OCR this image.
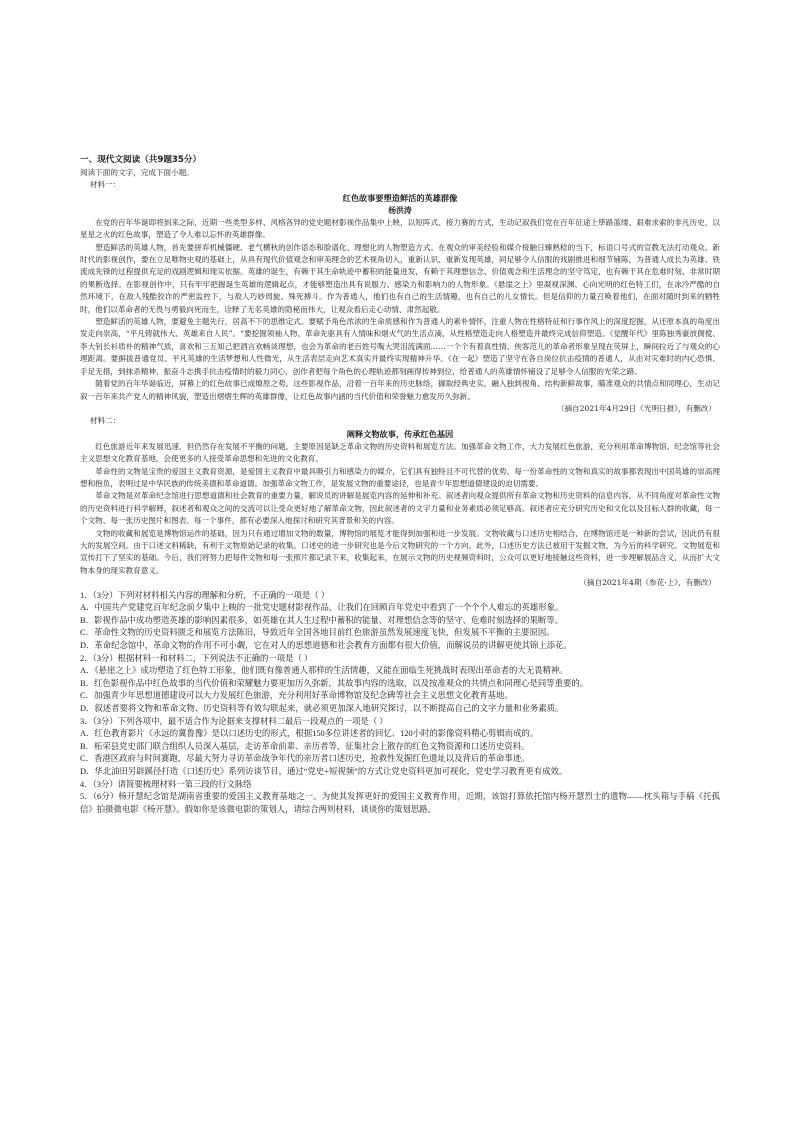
一、现代文阅读（共9题35分）
阅读下面的文字，完成下面小题。
材料一：
红色故事要塑造鲜活的英雄群像
杨洪涛

在党的百年华诞即将到来之际，近期一些类型多样、风格各异的党史题材影视作品集中上映，以短阵式、接力赛的方式，生动记叙我们党在百年征途上筚路蓝缕、艰难求索的非凡历史，以星星之火的红色故事，塑造了令人难以忘怀的英雄群像。

塑造鲜活的英雄人物，首先要拼弃机械僵硬、老气横秋的创作语态和脸谱化、理想化的人物塑造方式。在观众的审美经验和媒介接触日臻熟稔的当下，标语口号式的宣教无法打动观众。新时代的影视创作，要在立足唯物史观的基础上，从具有现代价值观念和审美理念的艺术视角切入，重新认识、重新发现英雄，同足够令人信服的戏剧推进和细节铺陈，为普通人成长为英雄、铁流成先锋的过程提供充足的戏剧逻辑和现实依据。英雄的诞生，有赖于其生命轨迹中蓄积的能量迸发，有赖于其理想信念、价值观念和生活理念的坚守笃定，也有赖于其在危难时刻、非常时期的果断选择。在影视创作中，只有牢牢把握诞生英雄的逻辑起点，才能够塑造出具有说服力、感染力和影响力的人物形象。《悬崖之上》里凝视深渊、心向光明的红色特工们，在冰冷严酷的自然环境下，在敌人残酷狡诈的严密监控下，与敌人巧妙周旋、殊死搏斗。作为普通人，他们也有自己的生活情趣，也有自己的儿女情长。但是信仰的力量召唤着他们，在面对随时到来的牺牲时，他们以革命者的无畏与勇毅向死而生，诠释了无名英雄的隐秘而伟大，让观众看后走心动情、肃然起敬。

塑造鲜活的英雄人物，要避免主题先行，居高不下的思维定式。要赋予角色浓浓的生命质感和作为普通人的素朴情怀，注重人物在性格特征和行事作风上的深度挖掘，从还原本真的角度出发走向崇高，“平凡铸就伟大、英雄来自人民”。“要挖掘领袖人物、革命先驱具有人情味和烟火气的生活点滴，从性格塑造走向人格塑造并最终完成信仰塑造。《觉醒年代》里陈独秀豪放倜傥、李大钊长衫质朴的精神气质，喜欢和三五知己把酒言欢畅谈理想，也会为革命的老百姓号啕大哭泪流满面……一个个有着真性情、侠客范儿的革命者形象呈现在荧屏上，瞬间拉近了与观众的心理距离。要摒拔普通党员、平凡英雄的生活梦想和人性微光，从生活表层走向艺术真实并最终实现精神升华。《在一起》塑造了坚守在各自岗位抗击疫情的普通人，从由对灾难时的内心恐惧、手足无措，到抹杀精神、振奋斗志携手抗击疫情时的毅力同心，创作者把每个角色的心理轨迹都刻画得传神到位，给普通人的英雄情怀铺设了足够令人信服的光荣之路。

随着党的百年华诞临近，屏幕上的红色故事已成燎原之势。这些影视作品，沿着一百年来的历史脉络，撷取经典史实，融入独到视角、结构新鲜故事，瞄准观众的共情点和同理心，生动记叙一百年来共产党人的精神风貌，塑造出熠熠生辉的英雄群像，让红色故事内涵的当代价值和荣誉魅力愈发历久弥新。

（摘自2021年4月29日《光明日报》，有删改）
材料二：
阐释文物故事，传承红色基因

红色旅游近年来发展迅速，但仍然存在发展不平衡的问题，主要原因是缺乏革命文物的历史资料和展览方法。加强革命文物工作，大力发展红色旅游，充分利用革命博物馆、纪念馆等社会主义思想文化教育基地，会使更多的人接受革命思想和先进的文化教育。

革命性的文物是宝贵的爱国主义教育资源，是爱国主义教育中最具吸引力和感染力的媒介，它们具有独特且不可代替的优势。每一份革命性的文物和真实的故事都表现出中国英雄的崇高理想和抱负，表明过是中华民族的传统美德和革命道德。加强革命文物工作，是发展文物的重要途径，也是青少年思想道德建设的迫切需要。

革命文物是对革命纪念馆进行思想道德和社会教育的重要力量，解说员的讲解是展览内容的延伸和补充。叙述者向观众提供所有革命文物和历史资料的信息内容。从不同角度对革命性文物的历史资料进行科学解释，叙述者和观众之间的交流可以让受众更好地了解革命文物，因此叙述者的文字力量和业务素质必须足够高。叙述者应充分研究历史和文化以及目标人群的收藏，每一个文物、每一张历史图片和图表、每一个事件，都有必要深入地探讨和研究其背景和关的内容。

文物的收藏和展览是博物馆运作的基础，因为只有通过增加文物的数量，博物馆的展览才能得到加强和进一步发展。文物收藏与口述历史相结合，在博物馆还是一种新的尝试，因此仍有很大的发展空间。由于口述文料稀缺，有利于文物原始记录的收集。口述史的进一步研究也是今后文物研究的一个方向。此外，口述历史方法已被用于发掘文物，为今后的科学研究、文物展览和宣传打下了坚实的基础。今后，我们将努力把每件文物和每一张照片都记录下来，收集起来，在展示文物的历史视频资料时，公众可以更好地接触这些资料，进一步理解展品含义，从而扩大文物本身的现实教育意义。

（摘自2021年4期《参花·上》，有删改）

1．（3分）下列对材料相关内容的理解和分析，不正确的一项是（ ）

A．中国共产党建党百年纪念前夕集中上映的一批党史题材影视作品，让我们在回顾百年党史中看到了一个个个人难忘的英雄形象。

B．影视作品中成功塑造英雄的影响因素很多，如英雄在其人生过程中蓄积的能量、对理想信念等的坚守、危难时刻选择的果断等。

C．革命性文物的历史资料匮乏和展览方法陈旧，导致近年全国各地目前红色旅游虽然发展速度飞快，但发展不平衡的主要原因。

D．革命纪念馆中，革命文物的作用不可小觑，它在对人的思想道德和社会教育方面都有很大价值，而解说员的讲解更使其锦上添花。

2．（3分）根据材料一和材料二，下列说法不正确的一项是（ ）

A．《悬崖之上》成功塑造了红色特工形象，他们既有像普通人那样的生活情趣，又能在面临生死挑战时表现出革命者的大无畏精神。

B．红色影视作品中红色故事的当代价值和荣耀魅力要更加历久弥新，其故事内容的选取，以及按准观众的共情点和同理心是同等重要的。

C．加强青少年思想道德建设可以大力发展红色旅游，充分利用好革命博物馆及纪念碑等社会主义思想文化教育基地。

D．叙述者要将文物和革命文物、历史资料等有效勾联起来，就必须更加深入地研究探讨，以不断提高自己的文字力量和业务素质。

3．（3分）下列各项中，最不适合作为论据来支撑材料二最后一段观点的一项是（ ）

A．红色教育影片《永远的冀鲁豫》是以口述历史的形式，根据150多位讲述者的回忆、120小时的影像资料精心剪辑而成的。

B．柘荣县党史部门联合组织人员深入基层，走访革命前辈、亲历者等，征集社会上散存的红色文物资源和口述历史资料。

C．香港区政府与时间赛跑，尽最大努力寻访革命战争年代的亲历者口述历史，抢救性发掘红色遗址以及背后的革命事迹。

D．华北油田另辟蹊径打造《口述历史》系列访谈节目，通过“党史+短视频”的方式让党史资料更加可视化，党史学习教育更有成效。

4．（3分）请简要梳理材料一第三段的行文脉络

5．（6分）杨开慧纪念馆是湖南省重要的爱国主义教育基地之一。为使其发挥更好的爱国主义教育作用，近期，该馆打算依托馆内杨开慧烈士的遗物——枕头箱与手稿《托孤信》拍摄微电影《杨开慧》。假如你是该微电影的策划人，请综合两则材料，谈谈你的策划思路。
